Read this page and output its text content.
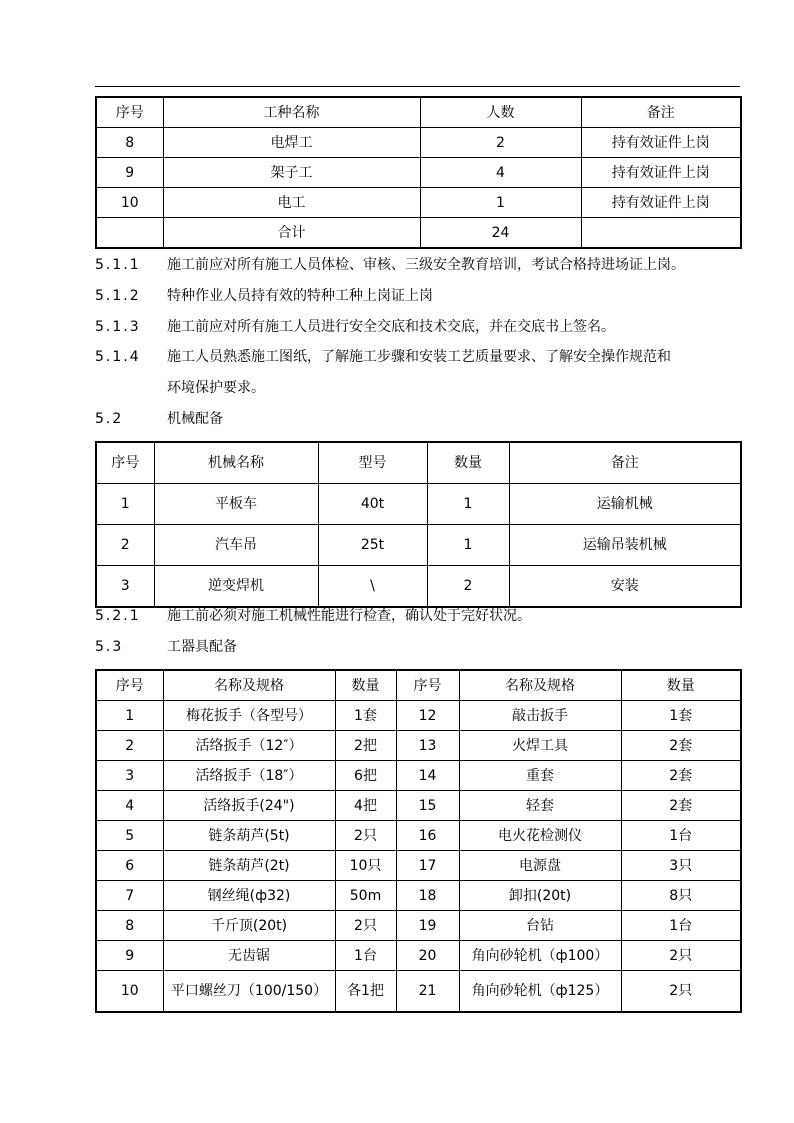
序号	工种名称	人数	备注
8	电焊工	2	持有效证件上岗
9	架子工	4	持有效证件上岗
10	电工	1	持有效证件上岗
	合计	24	
5.1.1 施工前应对所有施工人员体检、审核、三级安全教育培训，考试合格持进场证上岗。
5.1.2 特种作业人员持有效的特种工种上岗证上岗
5.1.3 施工前应对所有施工人员进行安全交底和技术交底，并在交底书上签名。
5.1.4 施工人员熟悉施工图纸，了解施工步骤和安装工艺质量要求、了解安全操作规范和
环境保护要求。
5.2	机械配备
序号	机械名称	型号	数量	备注
1	平板车	40t	1	运输机械
2	汽车吊	25t	1	运输吊装机械
3	逆变焊机	\	2	安装
5.2.1 施工前必须对施工机械性能进行检查，确认处于完好状况。
5.3	工器具配备
序号	名称及规格	数量	序号	名称及规格	数量
1	梅花扳手（各型号）	1套	12	敲击扳手	1套
2	活络扳手（12″）	2把	13	火焊工具	2套
3	活络扳手（18″）	6把	14	重套	2套
4	活络扳手(24")	4把	15	轻套	2套
5	链条葫芦(5t)	2只	16	电火花检测仪	1台
6	链条葫芦(2t)	10只	17	电源盘	3只
7	钢丝绳(ф32)	50m	18	卸扣(20t)	8只
8	千斤顶(20t)	2只	19	台钻	1台
9	无齿锯	1台	20	角向砂轮机（ф100）	2只
10	平口螺丝刀（100/150）	各1把	21	角向砂轮机（ф125）	2只
